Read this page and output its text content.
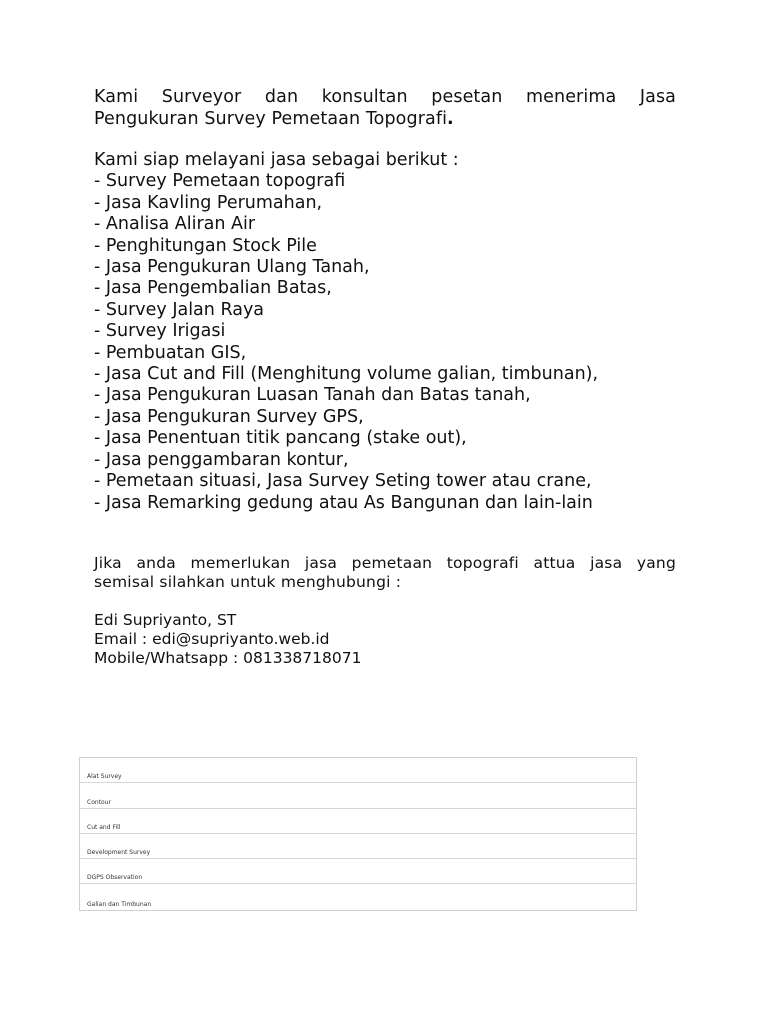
Kami Surveyor dan konsultan pesetan menerima Jasa
Pengukuran Survey Pemetaan Topografi.
Kami siap melayani jasa sebagai berikut :
- Survey Pemetaan topografi
- Jasa Kavling Perumahan,
- Analisa Aliran Air
- Penghitungan Stock Pile
- Jasa Pengukuran Ulang Tanah,
- Jasa Pengembalian Batas,
- Survey Jalan Raya
- Survey Irigasi
- Pembuatan GIS,
- Jasa Cut and Fill (Menghitung volume galian, timbunan),
- Jasa Pengukuran Luasan Tanah dan Batas tanah,
- Jasa Pengukuran Survey GPS,
- Jasa Penentuan titik pancang (stake out),
- Jasa penggambaran kontur,
- Pemetaan situasi, Jasa Survey Seting tower atau crane,
- Jasa Remarking gedung atau As Bangunan dan lain-lain
Jika anda memerlukan jasa pemetaan topografi attua jasa yang
semisal silahkan untuk menghubungi :
Edi Supriyanto, ST
Email : edi@supriyanto.web.id
Mobile/Whatsapp : 081338718071
Alat Survey
Contour
Cut and Fill
Development Survey
DGPS Observation
Galian dan Timbunan
